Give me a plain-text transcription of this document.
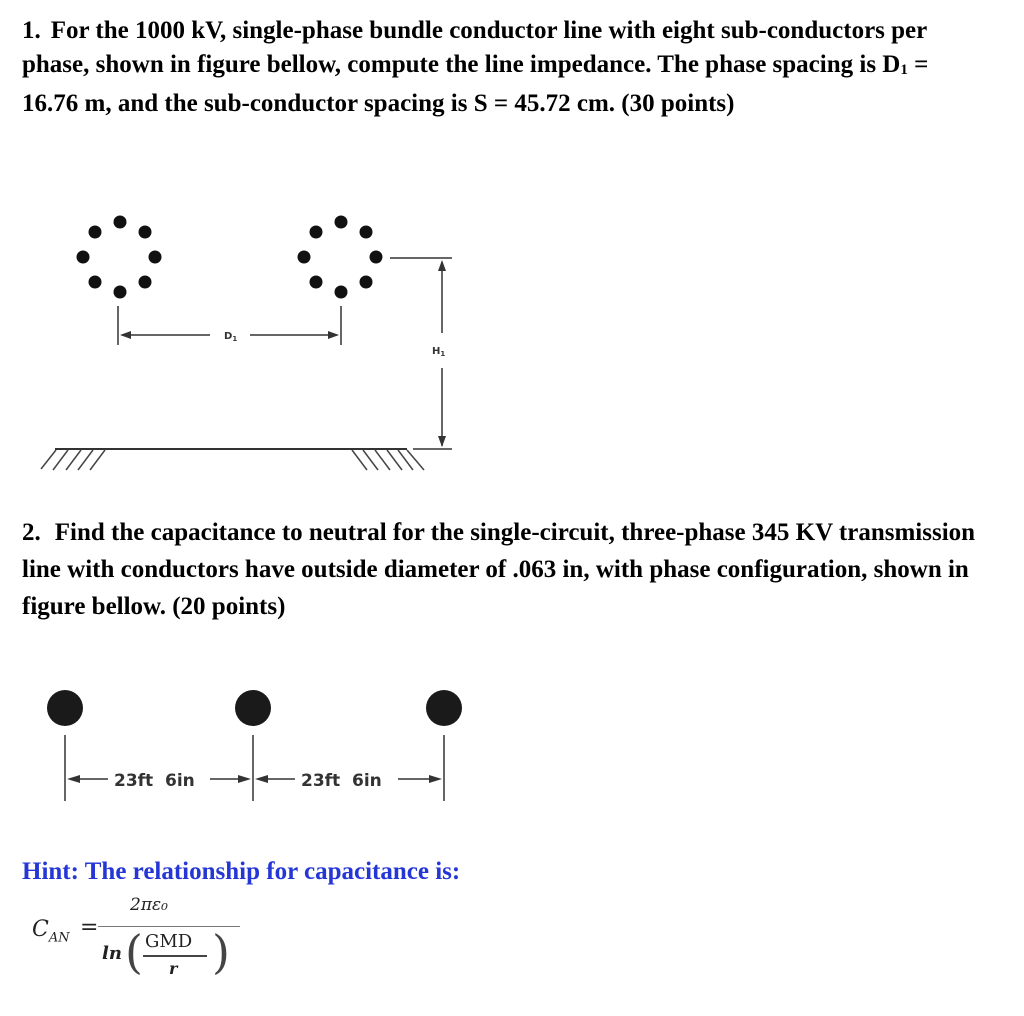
1. For the 1000 kV, single-phase bundle conductor line with eight sub-conductors per phase, shown in figure bellow, compute the line impedance. The phase spacing is $D_1 = 16.76$ m, and the sub-conductor spacing is S = 45.72 cm. (30 points)

$D_1$
$H_1$

2. Find the capacitance to neutral for the single-circuit, three-phase 345 KV transmission line with conductors have outside diameter of .063 in, with phase configuration, shown in figure bellow. (20 points)

23ft  6in	23ft  6in

Hint: The relationship for capacitance is:

$C_{AN}$ =
2πε₀
ln ( GMD
r )
